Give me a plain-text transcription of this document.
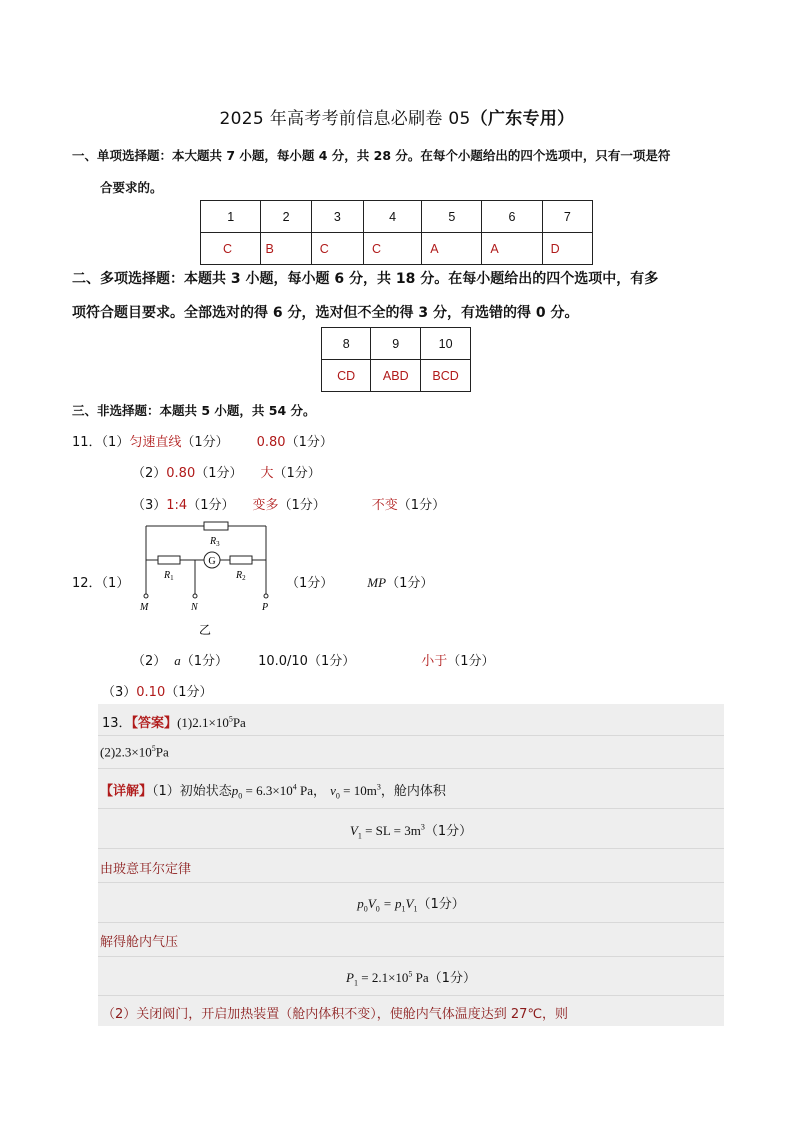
2025 年高考考前信息必刷卷 05（广东专用）
一、单项选择题：本大题共 7 小题，每小题 4 分，共 28 分。在每个小题给出的四个选项中，只有一项是符
合要求的。
1	2	3	4	5	6	7
C	B	C	C	A	A	D
二、多项选择题：本题共 3 小题，每小题 6 分，共 18 分。在每小题给出的四个选项中，有多
项符合题目要求。全部选对的得 6 分，选对但不全的得 3 分，有选错的得 0 分。
8	9	10
CD	ABD	BCD
三、非选择题：本题共 5 小题，共 54 分。
11．（1）匀速直线（1分） 0.80（1分）
（2）0.80（1分） 大（1分）
（3）1:4（1分） 变多（1分）	不变（1分）
12．（1）
G
$R_3$
$R_1$	$R_2$
M	N	P
乙
（1分）	MP（1分）
（2） a（1分） 10.0/10（1分）	小于（1分）
（3）0.10（1分）
13．【答案】$(1)2.1\times 10^5Pa$
$(2)2.3\times 10^5Pa$
【详解】（1）初始状态$p_0 = 6.3\times 10^4$ Pa， $v_0 = 10m^3$，舱内体积
$V_1$ = SL = $3m^3(1$分）
由玻意耳尔定律
$p_0V_0 = p_1V_1(1$分）
解得舱内气压
$P_1 = 2.1\times 10^5$ Pa（1分）
（2）关闭阀门，开启加热装置（舱内体积不变），使舱内气体温度达到 27℃，则
